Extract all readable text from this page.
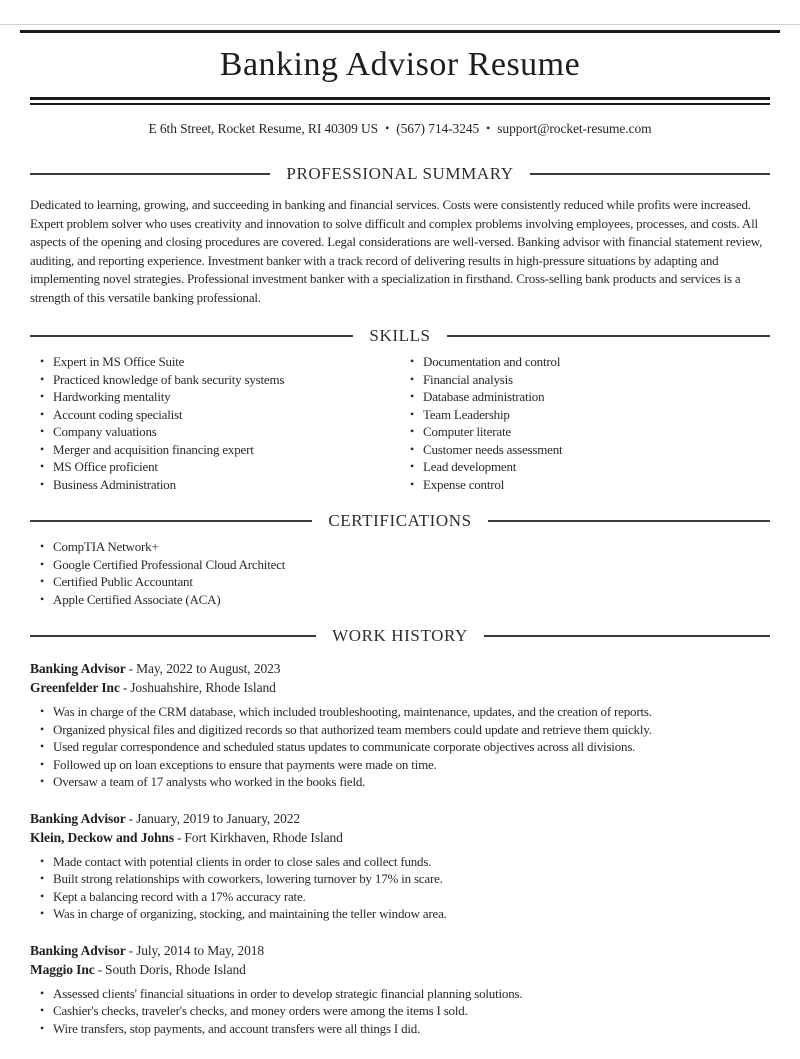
Banking Advisor Resume
E 6th Street, Rocket Resume, RI 40309 US • (567) 714-3245 • support@rocket-resume.com
PROFESSIONAL SUMMARY

Dedicated to learning, growing, and succeeding in banking and financial services. Costs were consistently reduced while profits were increased. Expert problem solver who uses creativity and innovation to solve difficult and complex problems involving employees, processes, and costs. All aspects of the opening and closing procedures are covered. Legal considerations are well-versed. Banking advisor with financial statement review, auditing, and reporting experience. Investment banker with a track record of delivering results in high-pressure situations by adapting and implementing novel strategies. Professional investment banker with a specialization in firsthand. Cross-selling bank products and services is a strength of this versatile banking professional.

SKILLS
• Expert in MS Office Suite
• Practiced knowledge of bank security systems
• Hardworking mentality
• Account coding specialist
• Company valuations
• Merger and acquisition financing expert
• MS Office proficient
• Business Administration
• Documentation and control
• Financial analysis
• Database administration
• Team Leadership
• Computer literate
• Customer needs assessment
• Lead development
• Expense control
CERTIFICATIONS
• CompTIA Network+
• Google Certified Professional Cloud Architect
• Certified Public Accountant
• Apple Certified Associate (ACA)
WORK HISTORY
Banking Advisor - May, 2022 to August, 2023
Greenfelder Inc - Joshuahshire, Rhode Island
• Was in charge of the CRM database, which included troubleshooting, maintenance, updates, and the creation of reports.
• Organized physical files and digitized records so that authorized team members could update and retrieve them quickly.
• Used regular correspondence and scheduled status updates to communicate corporate objectives across all divisions.
• Followed up on loan exceptions to ensure that payments were made on time.
• Oversaw a team of 17 analysts who worked in the books field.
Banking Advisor - January, 2019 to January, 2022
Klein, Deckow and Johns - Fort Kirkhaven, Rhode Island
• Made contact with potential clients in order to close sales and collect funds.
• Built strong relationships with coworkers, lowering turnover by 17% in scare.
• Kept a balancing record with a 17% accuracy rate.
• Was in charge of organizing, stocking, and maintaining the teller window area.
Banking Advisor - July, 2014 to May, 2018
Maggio Inc - South Doris, Rhode Island
• Assessed clients' financial situations in order to develop strategic financial planning solutions.
• Cashier's checks, traveler's checks, and money orders were among the items I sold.
• Wire transfers, stop payments, and account transfers were all things I did.
